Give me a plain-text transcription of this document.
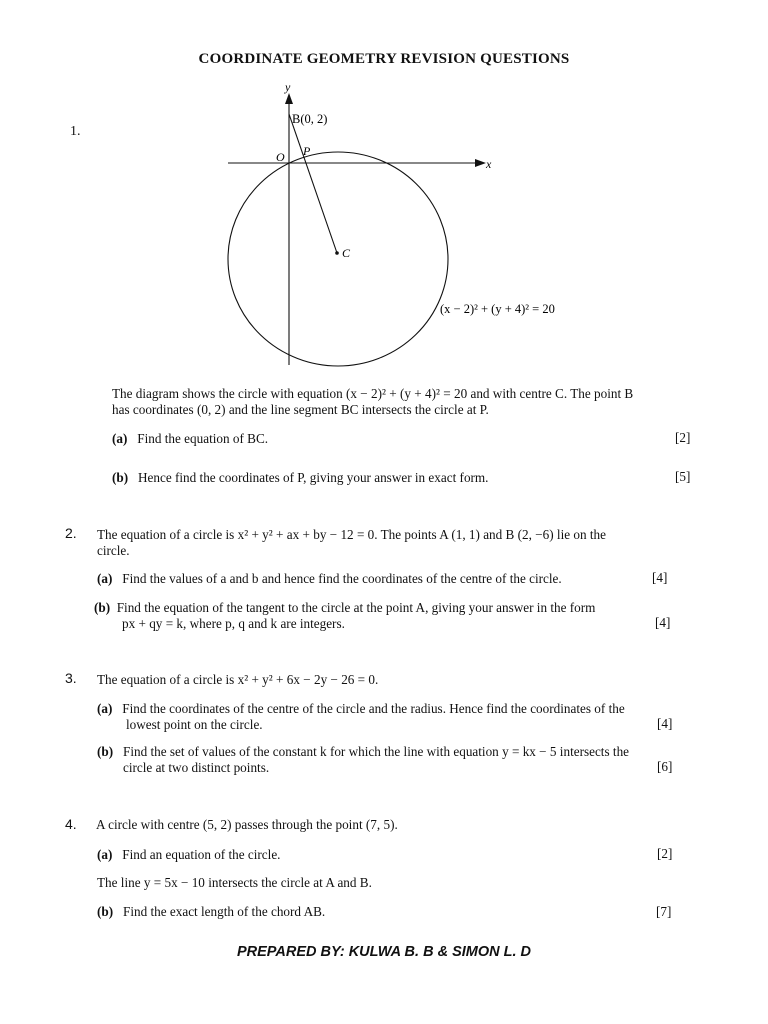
COORDINATE GEOMETRY REVISION QUESTIONS
1.
y
x
O
B(0, 2)
P
C
(x − 2)² + (y + 4)² = 20
The diagram shows the circle with equation (x − 2)² + (y + 4)² = 20 and with centre C. The point B
has coordinates (0, 2) and the line segment BC intersects the circle at P.
(a) Find the equation of BC.	[2]
(b) Hence find the coordinates of P, giving your answer in exact form.	[5]
2. The equation of a circle is x² + y² + ax + by − 12 = 0. The points A (1, 1) and B (2, −6) lie on the
circle.
(a) Find the values of a and b and hence find the coordinates of the centre of the circle.	[4]
(b) Find the equation of the tangent to the circle at the point A, giving your answer in the form
px + qy = k, where p, q and k are integers.	[4]
3. The equation of a circle is x² + y² + 6x − 2y − 26 = 0.
(a) Find the coordinates of the centre of the circle and the radius. Hence find the coordinates of the
lowest point on the circle.	[4]
(b) Find the set of values of the constant k for which the line with equation y = kx − 5 intersects the
circle at two distinct points.	[6]
4. A circle with centre (5, 2) passes through the point (7, 5).
(a) Find an equation of the circle.	[2]
The line y = 5x − 10 intersects the circle at A and B.
(b) Find the exact length of the chord AB.	[7]
PREPARED BY: KULWA B. B & SIMON L. D
